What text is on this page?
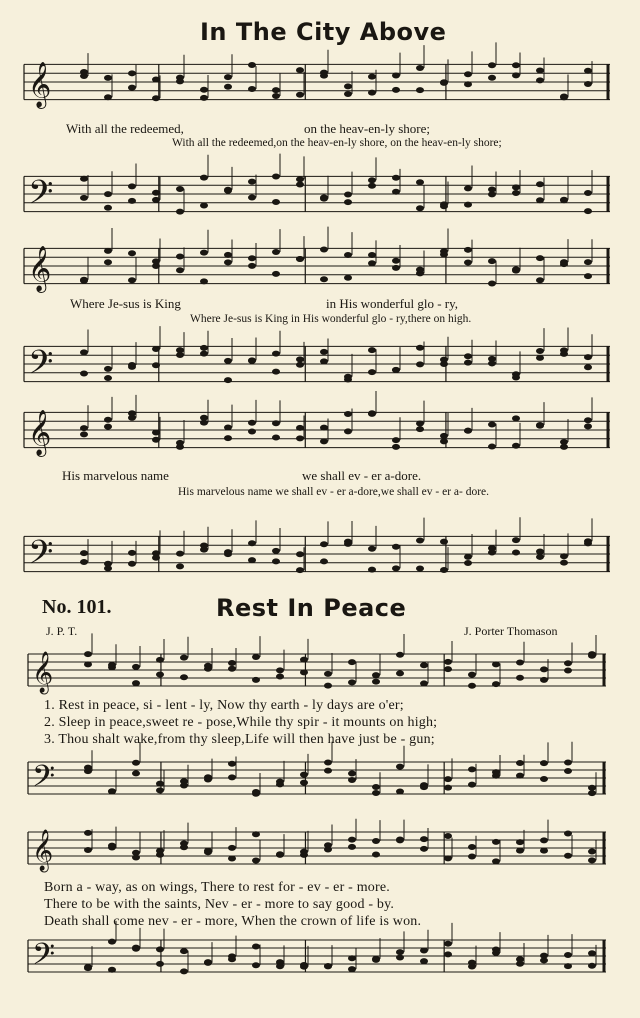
In The City Above
𝄞
With all the redeemed,	on the heav-en-ly shore;
With all the redeemed,on the heav-en-ly shore, on the heav-en-ly shore;
𝄢
𝄞
Where Je-sus is King	in His wonderful glo - ry,
Where Je-sus is King in His wonderful glo - ry,there on high.
𝄢
𝄞
His marvelous name	we shall ev - er a-dore.
His marvelous name we shall ev - er a-dore,we shall ev - er a- dore.
𝄢
No. 101.	Rest In Peace
J. P. T.	J. Porter Thomason
𝄞
1. Rest in peace, si - lent - ly, Now thy earth - ly days are o'er;
2. Sleep in peace,sweet re - pose,While thy spir - it mounts on high;
3. Thou shalt wake,from thy sleep,Life will then have just be - gun;
𝄢
𝄞
Born a - way, as on wings, There to rest for - ev - er - more.
There to be with the saints, Nev - er - more to say good - by.
Death shall come nev - er - more, When the crown of life is won.
𝄢
